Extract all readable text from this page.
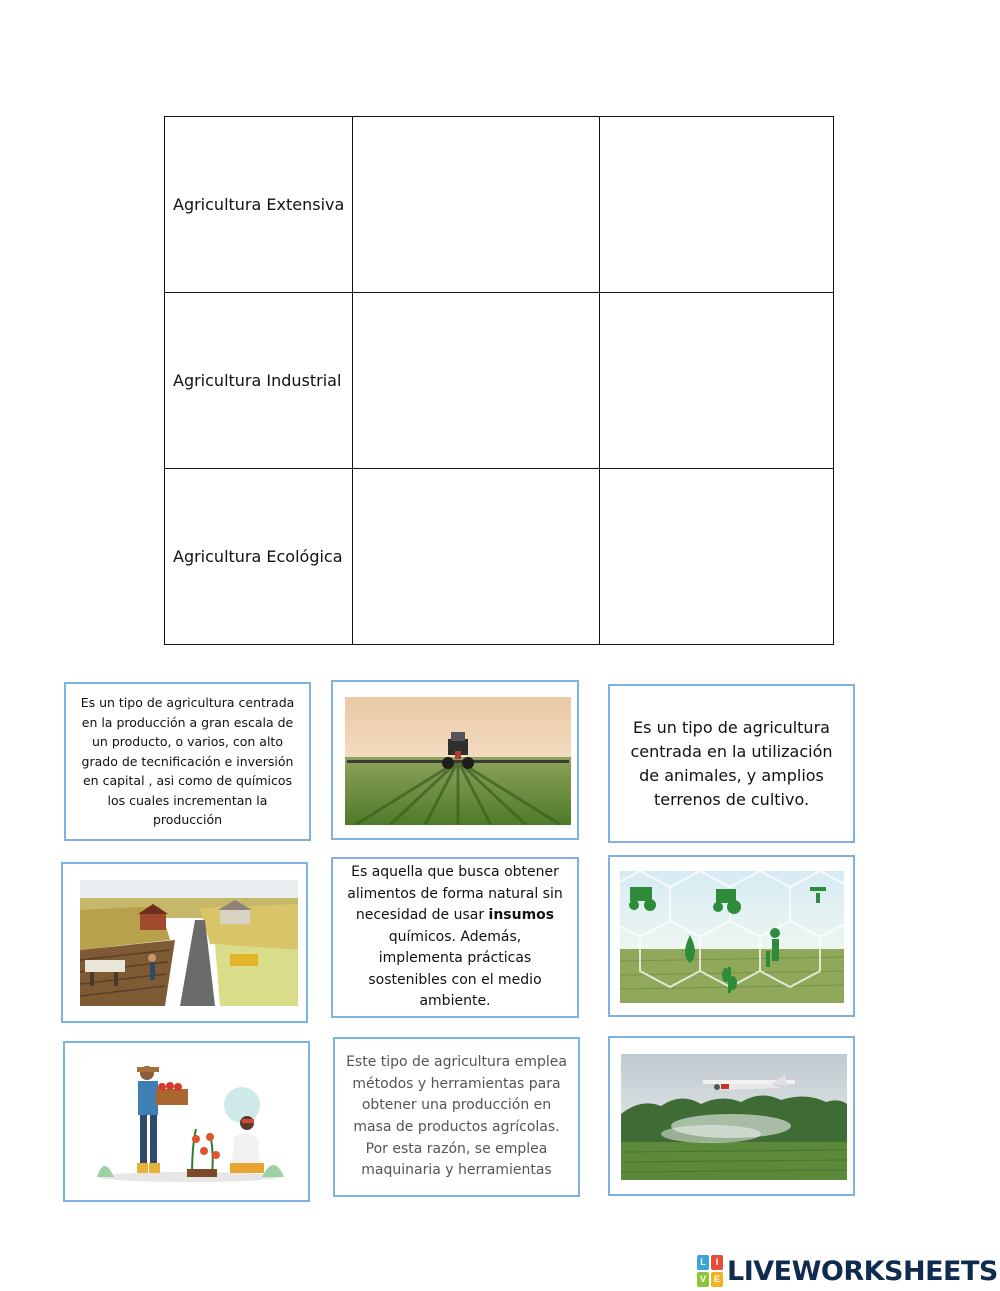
Agricultura Extensiva		
Agricultura Industrial		
Agricultura Ecológica		
Es un tipo de agricultura centrada en la producción a gran escala de un producto, o varios, con alto grado de tecnificación e inversión en capital , asi como de químicos los cuales incrementan la producción
Es un tipo de agricultura centrada en la utilización de animales, y amplios terrenos de cultivo.
Es aquella que busca obtener alimentos de forma natural sin necesidad de usar insumos químicos. Además, implementa prácticas sostenibles con el medio ambiente.
Este tipo de agricultura emplea métodos y herramientas para obtener una producción en masa de productos agrícolas. Por esta razón, se emplea maquinaria y herramientas
L	I
V E LIVEWORKSHEETS
